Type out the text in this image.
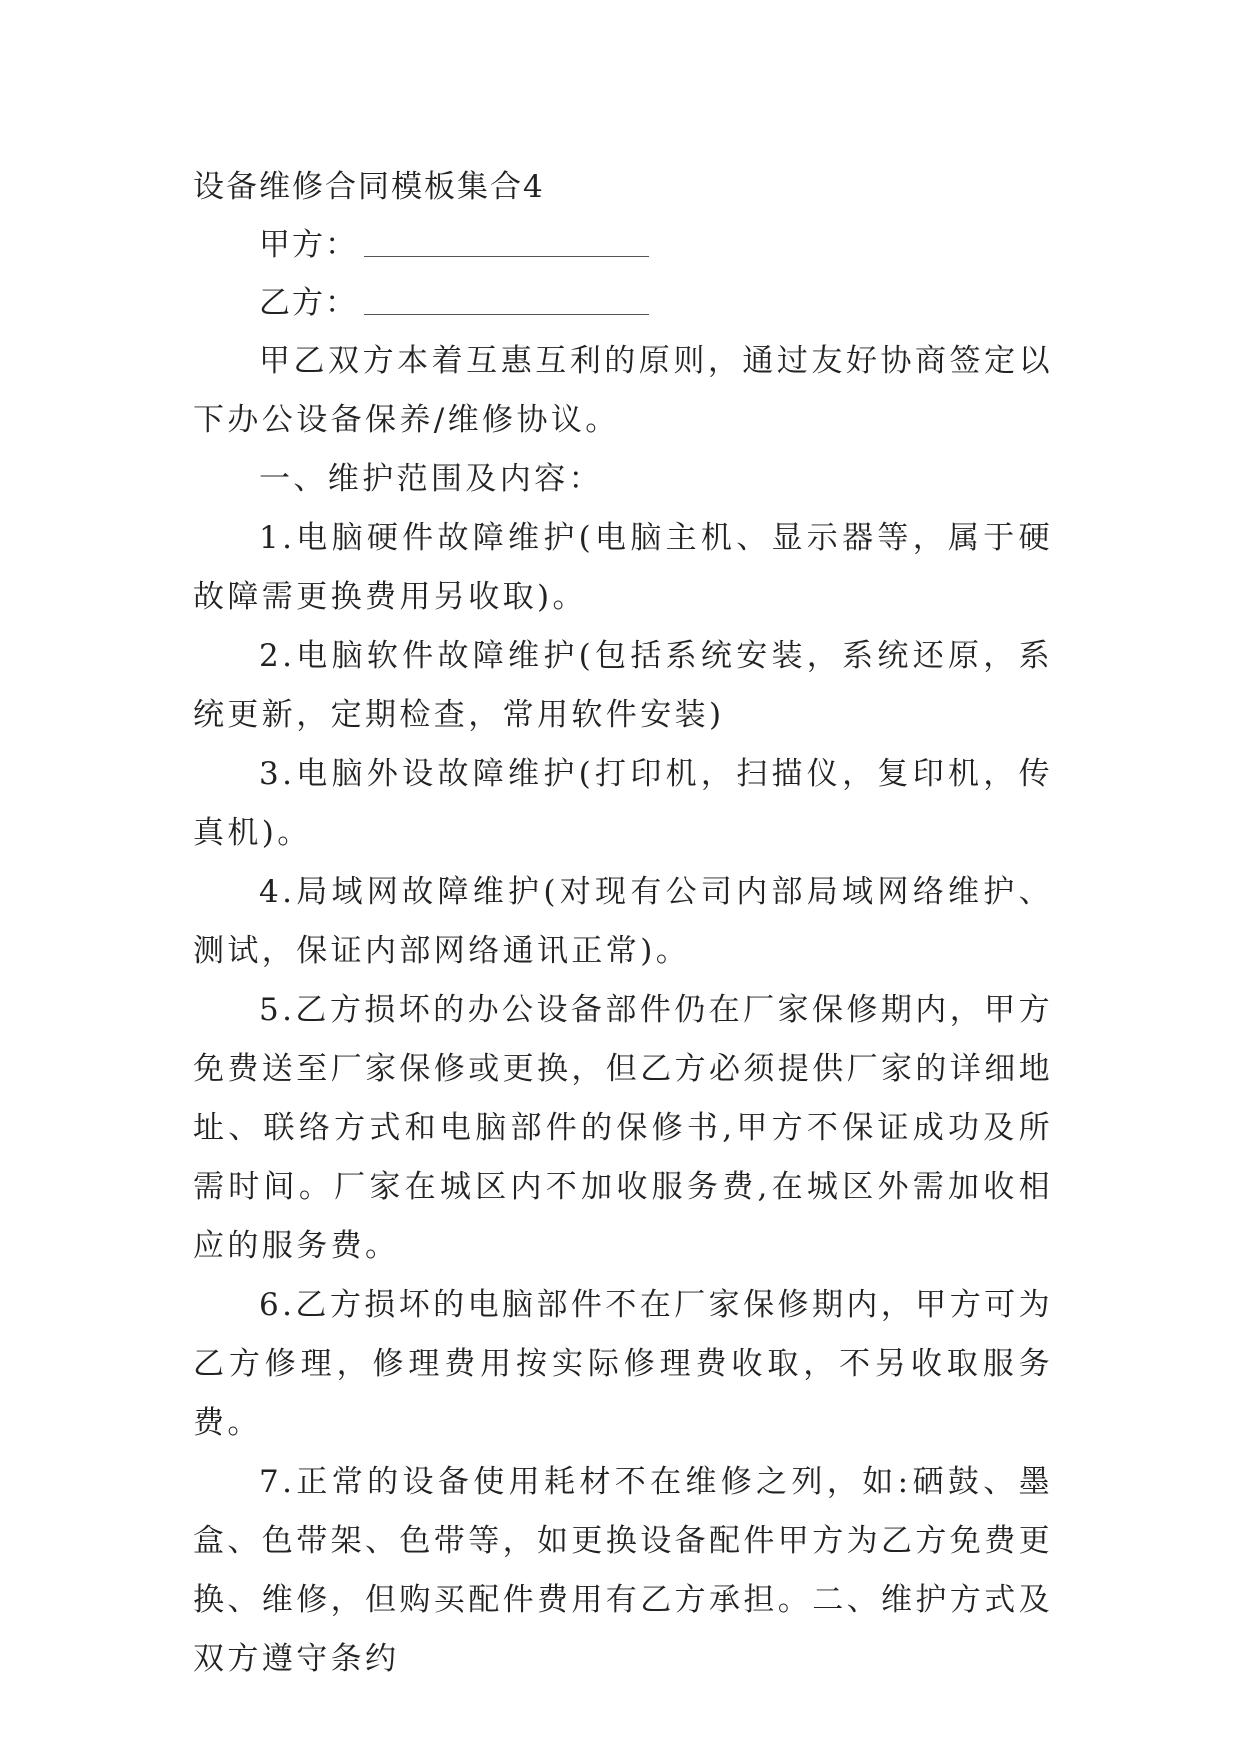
设备维修合同模板集合4
甲方：
乙方：

甲乙双方本着互惠互利的原则，通过友好协商签定以下办公设备保养/维修协议。

一、维护范围及内容：

1.电脑硬件故障维护(电脑主机、显示器等，属于硬故障需更换费用另收取)。

2.电脑软件故障维护(包括系统安装，系统还原，系统更新，定期检查，常用软件安装)

3.电脑外设故障维护(打印机，扫描仪，复印机，传真机)。

4.局域网故障维护(对现有公司内部局域网络维护、测试，保证内部网络通讯正常)。

5.乙方损坏的办公设备部件仍在厂家保修期内，甲方免费送至厂家保修或更换，但乙方必须提供厂家的详细地址、联络方式和电脑部件的保修书,甲方不保证成功及所需时间。厂家在城区内不加收服务费,在城区外需加收相应的服务费。

6.乙方损坏的电脑部件不在厂家保修期内，甲方可为乙方修理，修理费用按实际修理费收取，不另收取服务费。

7.正常的设备使用耗材不在维修之列，如:硒鼓、墨盒、色带架、色带等，如更换设备配件甲方为乙方免费更换、维修，但购买配件费用有乙方承担。二、维护方式及双方遵守条约
